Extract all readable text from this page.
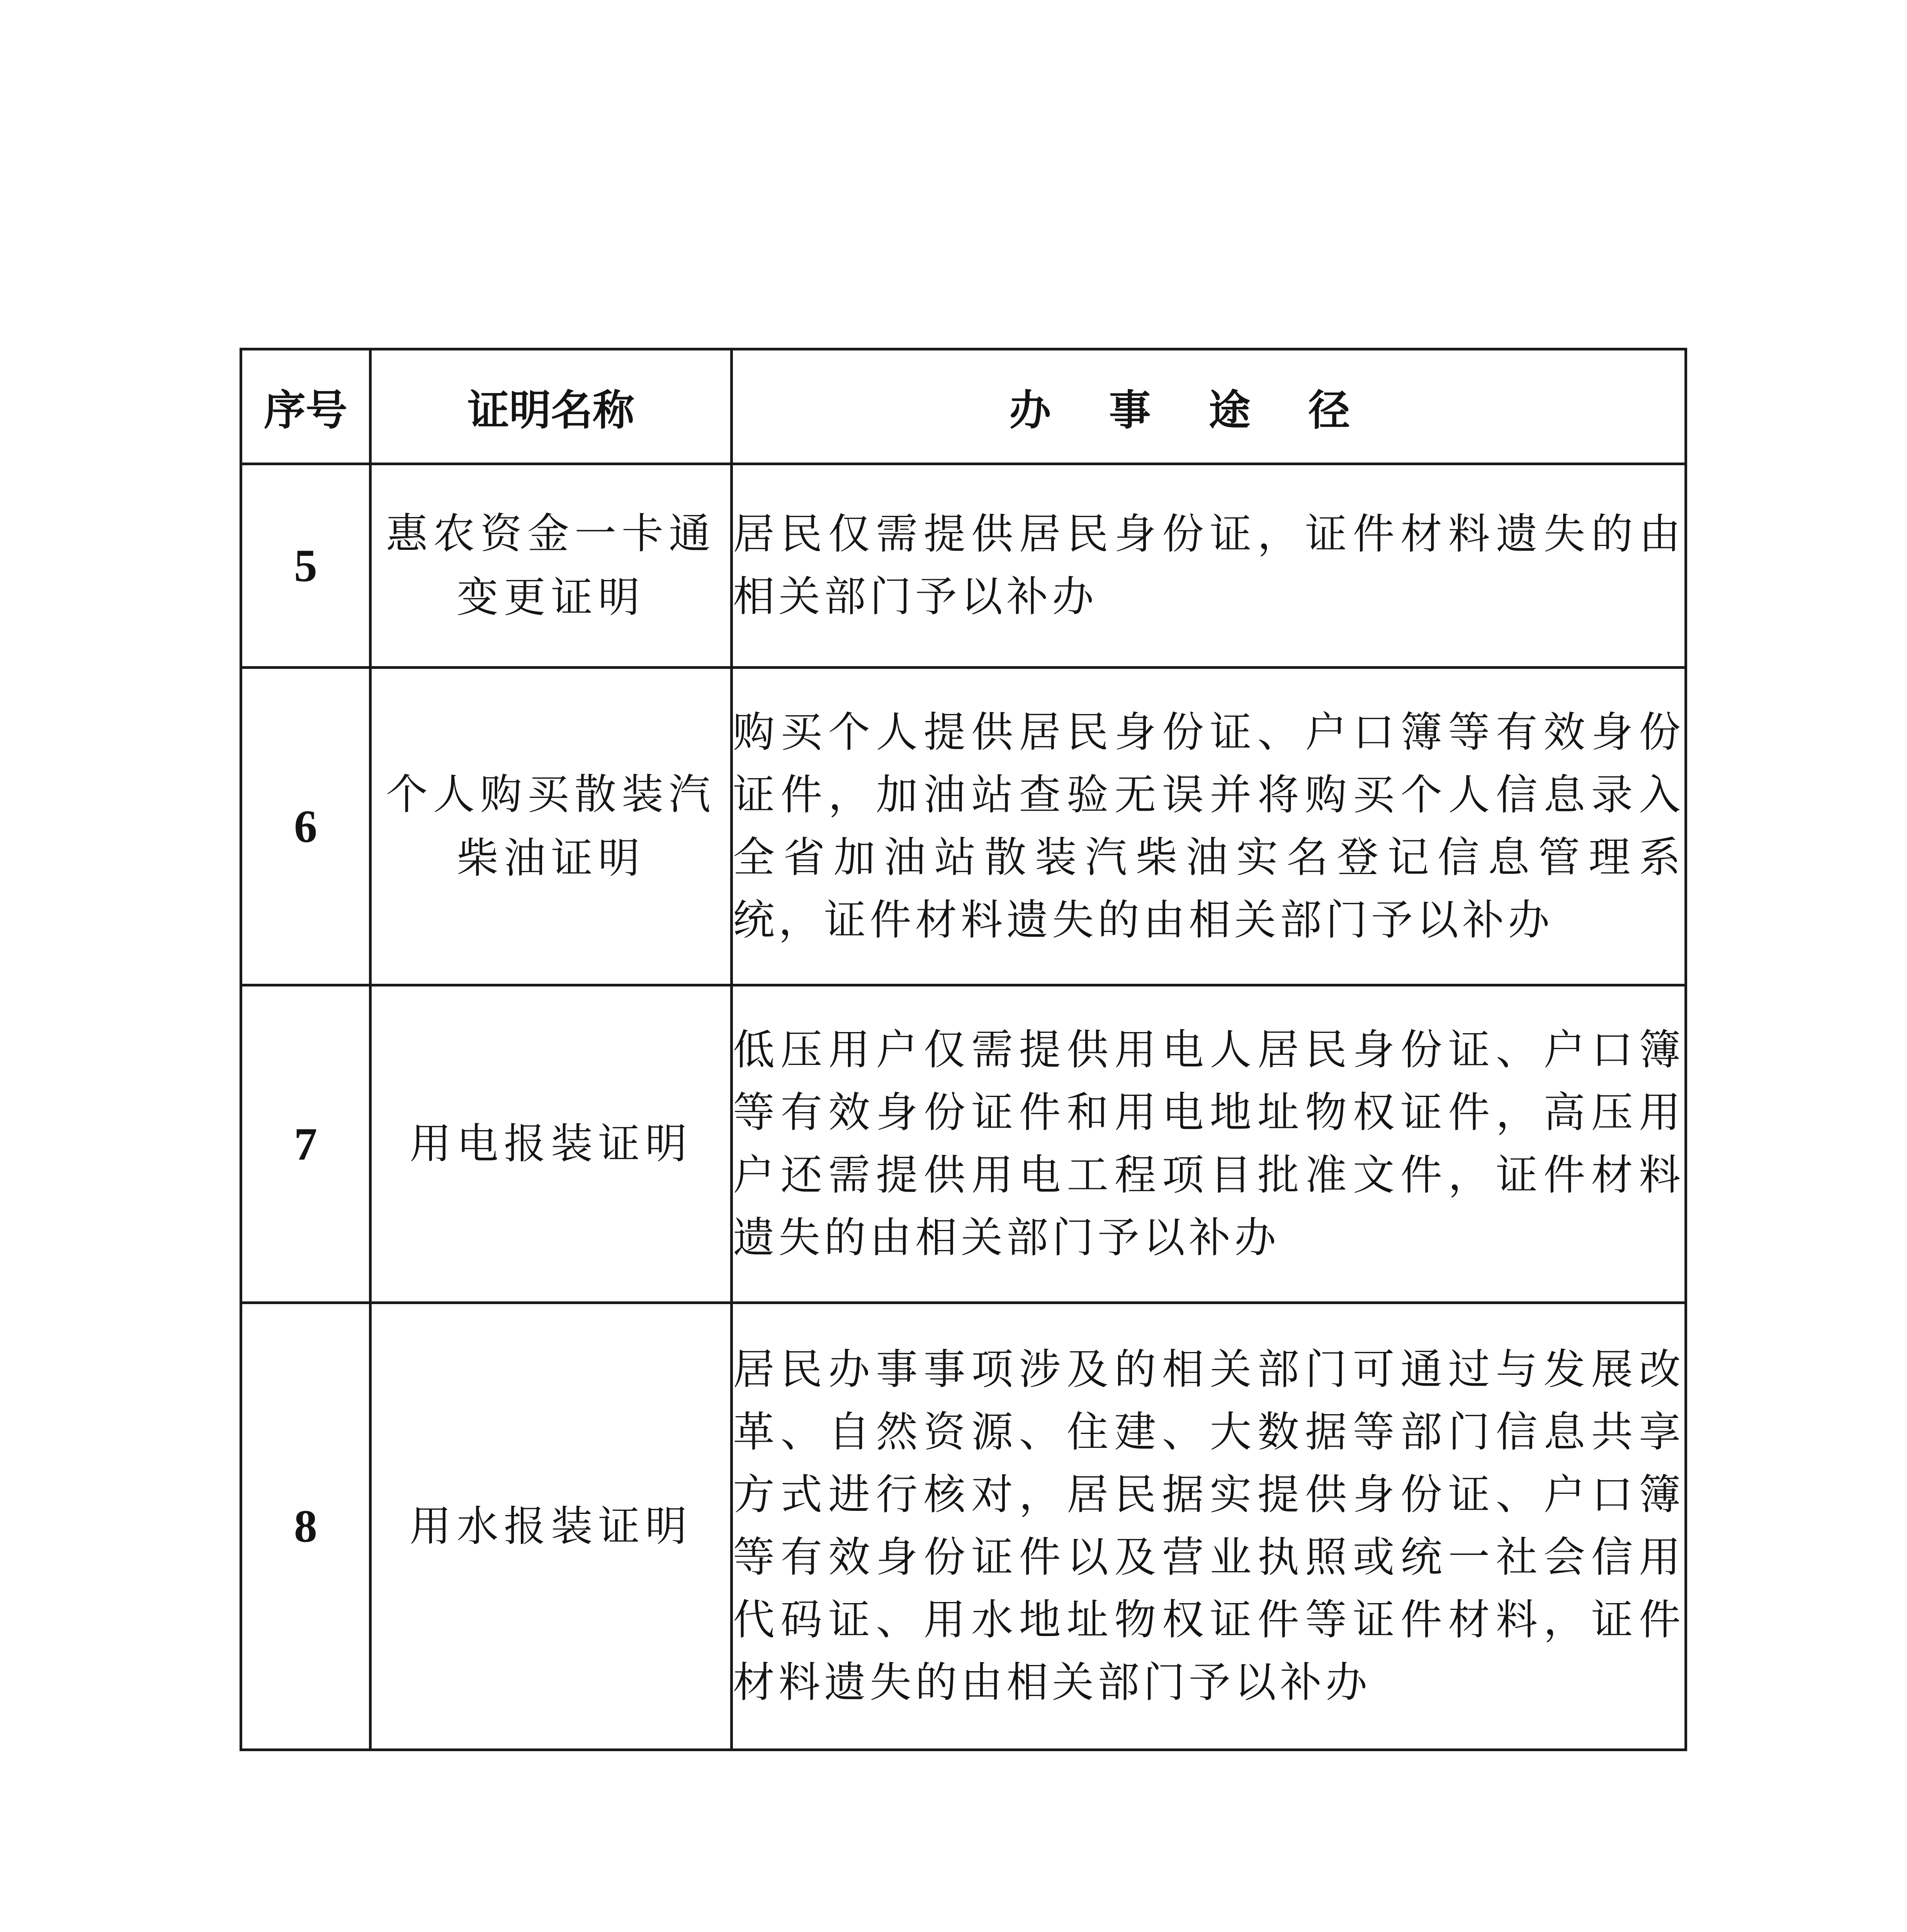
序号	证明名称	办事途径
5	惠农资金一卡通变更证明	居民仅需提供居民身份证，证件材料遗失的由相关部门予以补办
6	个人购买散装汽柴油证明	购买个人提供居民身份证、户口簿等有效身份证件，加油站查验无误并将购买个人信息录入全省加油站散装汽柴油实名登记信息管理系统，证件材料遗失的由相关部门予以补办
7	用电报装证明	低压用户仅需提供用电人居民身份证、户口簿等有效身份证件和用电地址物权证件，高压用户还需提供用电工程项目批准文件，证件材料遗失的由相关部门予以补办
8	用水报装证明	居民办事事项涉及的相关部门可通过与发展改革、自然资源、住建、大数据等部门信息共享方式进行核对，居民据实提供身份证、户口簿等有效身份证件以及营业执照或统一社会信用代码证、用水地址物权证件等证件材料，证件材料遗失的由相关部门予以补办
